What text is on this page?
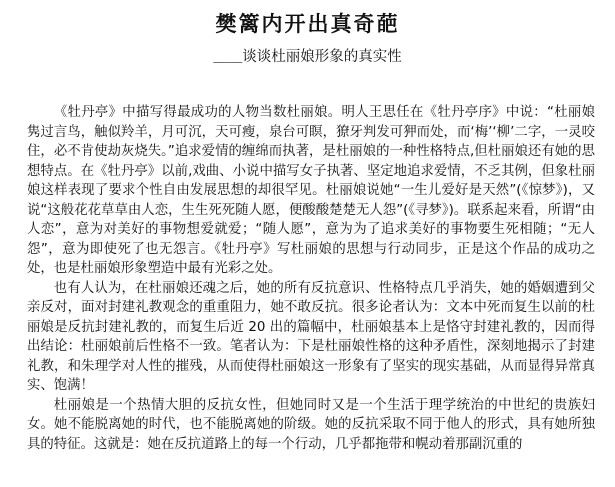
樊篱内开出真奇葩
＿＿谈谈杜丽娘形象的真实性

《牡丹亭》中描写得最成功的人物当数杜丽娘。明人王思任在《牡丹亭序》中说：“杜丽娘隽过言鸟，触似羚羊，月可沉，天可瘦，泉台可瞑，獠牙判发可狎而处，而‘梅’‘柳’二字，一灵咬住，必不肯使劫灰烧失。”追求爱情的缠绵而执著，是杜丽娘的一种性格特点,但杜丽娘还有她的思想特点。在《牡丹亭》以前,戏曲、小说中描写女子执著、坚定地追求爱情，不乏其例，但象杜丽娘这样表现了要求个性自由发展思想的却很罕见。杜丽娘说她“一生儿爱好是天然”(《惊梦》)，又说“这般花花草草由人恋，生生死死随人愿，便酸酸楚楚无人怨”(《寻梦》)。联系起来看，所谓“由人恋”，意为对美好的事物想爱就爱；“随人愿”，意为为了追求美好的事物要生死相随；“无人怨”，意为即使死了也无怨言。《牡丹亭》写杜丽娘的思想与行动同步，正是这个作品的成功之处，也是杜丽娘形象塑造中最有光彩之处。

也有人认为，在杜丽娘还魂之后，她的所有反抗意识、性格特点几乎消失，她的婚姻遭到父亲反对，面对封建礼教观念的重重阻力，她不敢反抗。很多论者认为：文本中死而复生以前的杜丽娘是反抗封建礼教的，而复生后近 20 出的篇幅中，杜丽娘基本上是恪守封建礼教的，因而得出结论：杜丽娘前后性格不一致。笔者认为：下是杜丽娘性格的这种矛盾性，深刻地揭示了封建礼教，和朱理学对人性的摧残，从而使得杜丽娘这一形象有了坚实的现实基础，从而显得异常真实、饱满！

杜丽娘是一个热情大胆的反抗女性，但她同时又是一个生活于理学统治的中世纪的贵族妇女。她不能脱离她的时代，也不能脱离她的阶级。她的反抗采取不同于他人的形式，具有她所独具的特征。这就是：她在反抗道路上的每一个行动，几乎都拖带和幌动着那副沉重的
